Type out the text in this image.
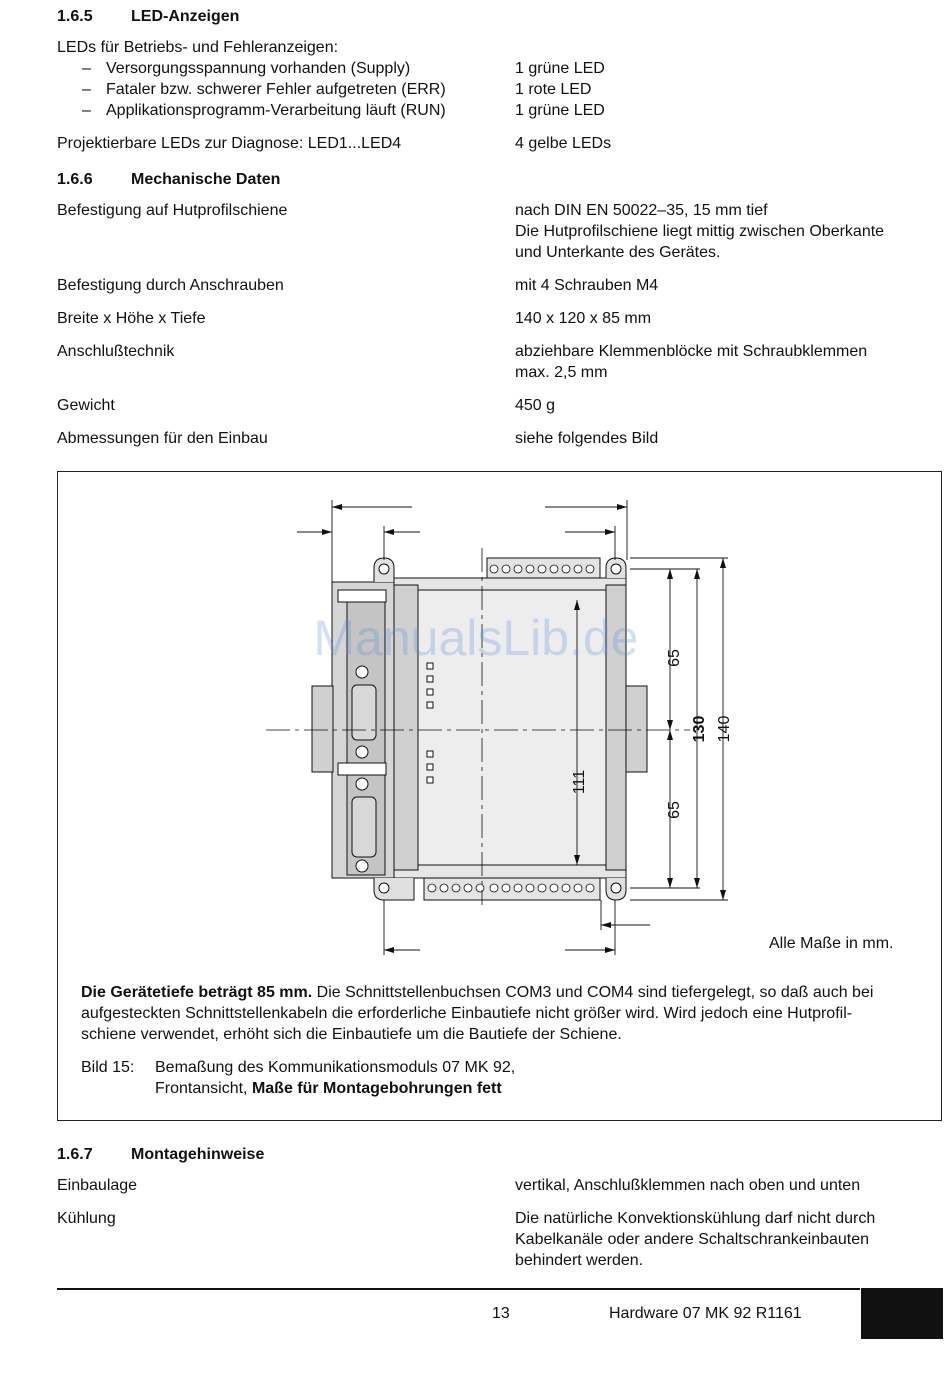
1.6.5 LED-Anzeigen
LEDs für Betriebs- und Fehleranzeigen:
– Versorgungsspannung vorhanden (Supply)	1 grüne LED
– Fataler bzw. schwerer Fehler aufgetreten (ERR)	1 rote LED
– Applikationsprogramm-Verarbeitung läuft (RUN)	1 grüne LED
Projektierbare LEDs zur Diagnose: LED1...LED4	4 gelbe LEDs
1.6.6 Mechanische Daten
Befestigung auf Hutprofilschiene	nach DIN EN 50022–35, 15 mm tief
Die Hutprofilschiene liegt mittig zwischen Oberkante
und Unterkante des Gerätes.
Befestigung durch Anschrauben	mit 4 Schrauben M4
Breite x Höhe x Tiefe	140 x 120 x 85 mm
Anschlußtechnik	abziehbare Klemmenblöcke mit Schraubklemmen
max. 2,5 mm
Gewicht	450 g
Abmessungen für den Einbau	siehe folgendes Bild
65
65
130 140
111
ManualsLib.de
Alle Maße in mm.
Die Gerätetiefe beträgt 85 mm. Die Schnittstellenbuchsen COM3 und COM4 sind tiefergelegt, so daß auch bei
aufgesteckten Schnittstellenkabeln die erforderliche Einbautiefe nicht größer wird. Wird jedoch eine Hutprofil-
schiene verwendet, erhöht sich die Einbautiefe um die Bautiefe der Schiene.
Bild 15: Bemaßung des Kommunikationsmoduls 07 MK 92,
Frontansicht, Maße für Montagebohrungen fett
1.6.7 Montagehinweise
Einbaulage	vertikal, Anschlußklemmen nach oben und unten
Kühlung	Die natürliche Konvektionskühlung darf nicht durch
Kabelkanäle oder andere Schaltschrankeinbauten
behindert werden.
13	Hardware 07 MK 92 R1161
